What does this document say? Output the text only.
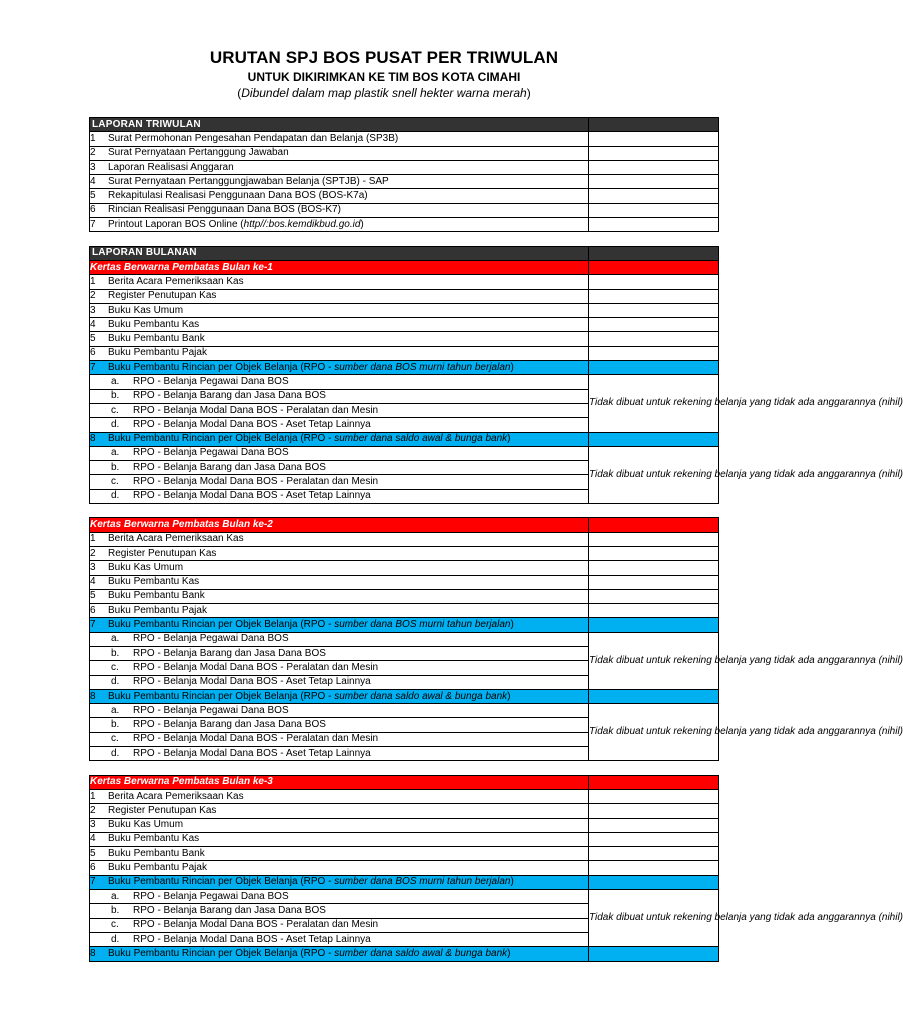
URUTAN SPJ BOS PUSAT PER TRIWULAN
UNTUK DIKIRIMKAN KE TIM BOS KOTA CIMAHI
(Dibundel dalam map plastik snell hekter warna merah)
LAPORAN TRIWULAN	
1 Surat Permohonan Pengesahan Pendapatan dan Belanja (SP3B)	
2 Surat Pernyataan Pertanggung Jawaban	
3 Laporan Realisasi Anggaran	
4 Surat Pernyataan Pertanggungjawaban Belanja (SPTJB) - SAP	
5 Rekapitulasi Realisasi Penggunaan Dana BOS (BOS-K7a)	
6 Rincian Realisasi Penggunaan Dana BOS (BOS-K7)	
7 Printout Laporan BOS Online (http//:bos.kemdikbud.go.id)	

LAPORAN BULANAN	
Kertas Berwarna Pembatas Bulan ke-1	
1 Berita Acara Pemeriksaan Kas	
2 Register Penutupan Kas	
3 Buku Kas Umum	
4 Buku Pembantu Kas	
5 Buku Pembantu Bank	
6 Buku Pembantu Pajak	
7 Buku Pembantu Rincian per Objek Belanja (RPO - sumber dana BOS murni tahun berjalan)	
a. RPO - Belanja Pegawai Dana BOS	Tidak dibuat untuk rekening belanja yang tidak ada anggarannya (nihil)
b. RPO - Belanja Barang dan Jasa Dana BOS	
c. RPO - Belanja Modal Dana BOS - Peralatan dan Mesin	
d. RPO - Belanja Modal Dana BOS - Aset Tetap Lainnya	
8 Buku Pembantu Rincian per Objek Belanja (RPO - sumber dana saldo awal & bunga bank)	
a. RPO - Belanja Pegawai Dana BOS	Tidak dibuat untuk rekening belanja yang tidak ada anggarannya (nihil)
b. RPO - Belanja Barang dan Jasa Dana BOS	
c. RPO - Belanja Modal Dana BOS - Peralatan dan Mesin	
d. RPO - Belanja Modal Dana BOS - Aset Tetap Lainnya	

Kertas Berwarna Pembatas Bulan ke-2	
1 Berita Acara Pemeriksaan Kas	
2 Register Penutupan Kas	
3 Buku Kas Umum	
4 Buku Pembantu Kas	
5 Buku Pembantu Bank	
6 Buku Pembantu Pajak	
7 Buku Pembantu Rincian per Objek Belanja (RPO - sumber dana BOS murni tahun berjalan)	
a. RPO - Belanja Pegawai Dana BOS	Tidak dibuat untuk rekening belanja yang tidak ada anggarannya (nihil)
b. RPO - Belanja Barang dan Jasa Dana BOS	
c. RPO - Belanja Modal Dana BOS - Peralatan dan Mesin	
d. RPO - Belanja Modal Dana BOS - Aset Tetap Lainnya	
8 Buku Pembantu Rincian per Objek Belanja (RPO - sumber dana saldo awal & bunga bank)	
a. RPO - Belanja Pegawai Dana BOS	Tidak dibuat untuk rekening belanja yang tidak ada anggarannya (nihil)
b. RPO - Belanja Barang dan Jasa Dana BOS	
c. RPO - Belanja Modal Dana BOS - Peralatan dan Mesin	
d. RPO - Belanja Modal Dana BOS - Aset Tetap Lainnya	

Kertas Berwarna Pembatas Bulan ke-3	
1 Berita Acara Pemeriksaan Kas	
2 Register Penutupan Kas	
3 Buku Kas Umum	
4 Buku Pembantu Kas	
5 Buku Pembantu Bank	
6 Buku Pembantu Pajak	
7 Buku Pembantu Rincian per Objek Belanja (RPO - sumber dana BOS murni tahun berjalan)	
a. RPO - Belanja Pegawai Dana BOS	Tidak dibuat untuk rekening belanja yang tidak ada anggarannya (nihil)
b. RPO - Belanja Barang dan Jasa Dana BOS	
c. RPO - Belanja Modal Dana BOS - Peralatan dan Mesin	
d. RPO - Belanja Modal Dana BOS - Aset Tetap Lainnya	
8 Buku Pembantu Rincian per Objek Belanja (RPO - sumber dana saldo awal & bunga bank)	
